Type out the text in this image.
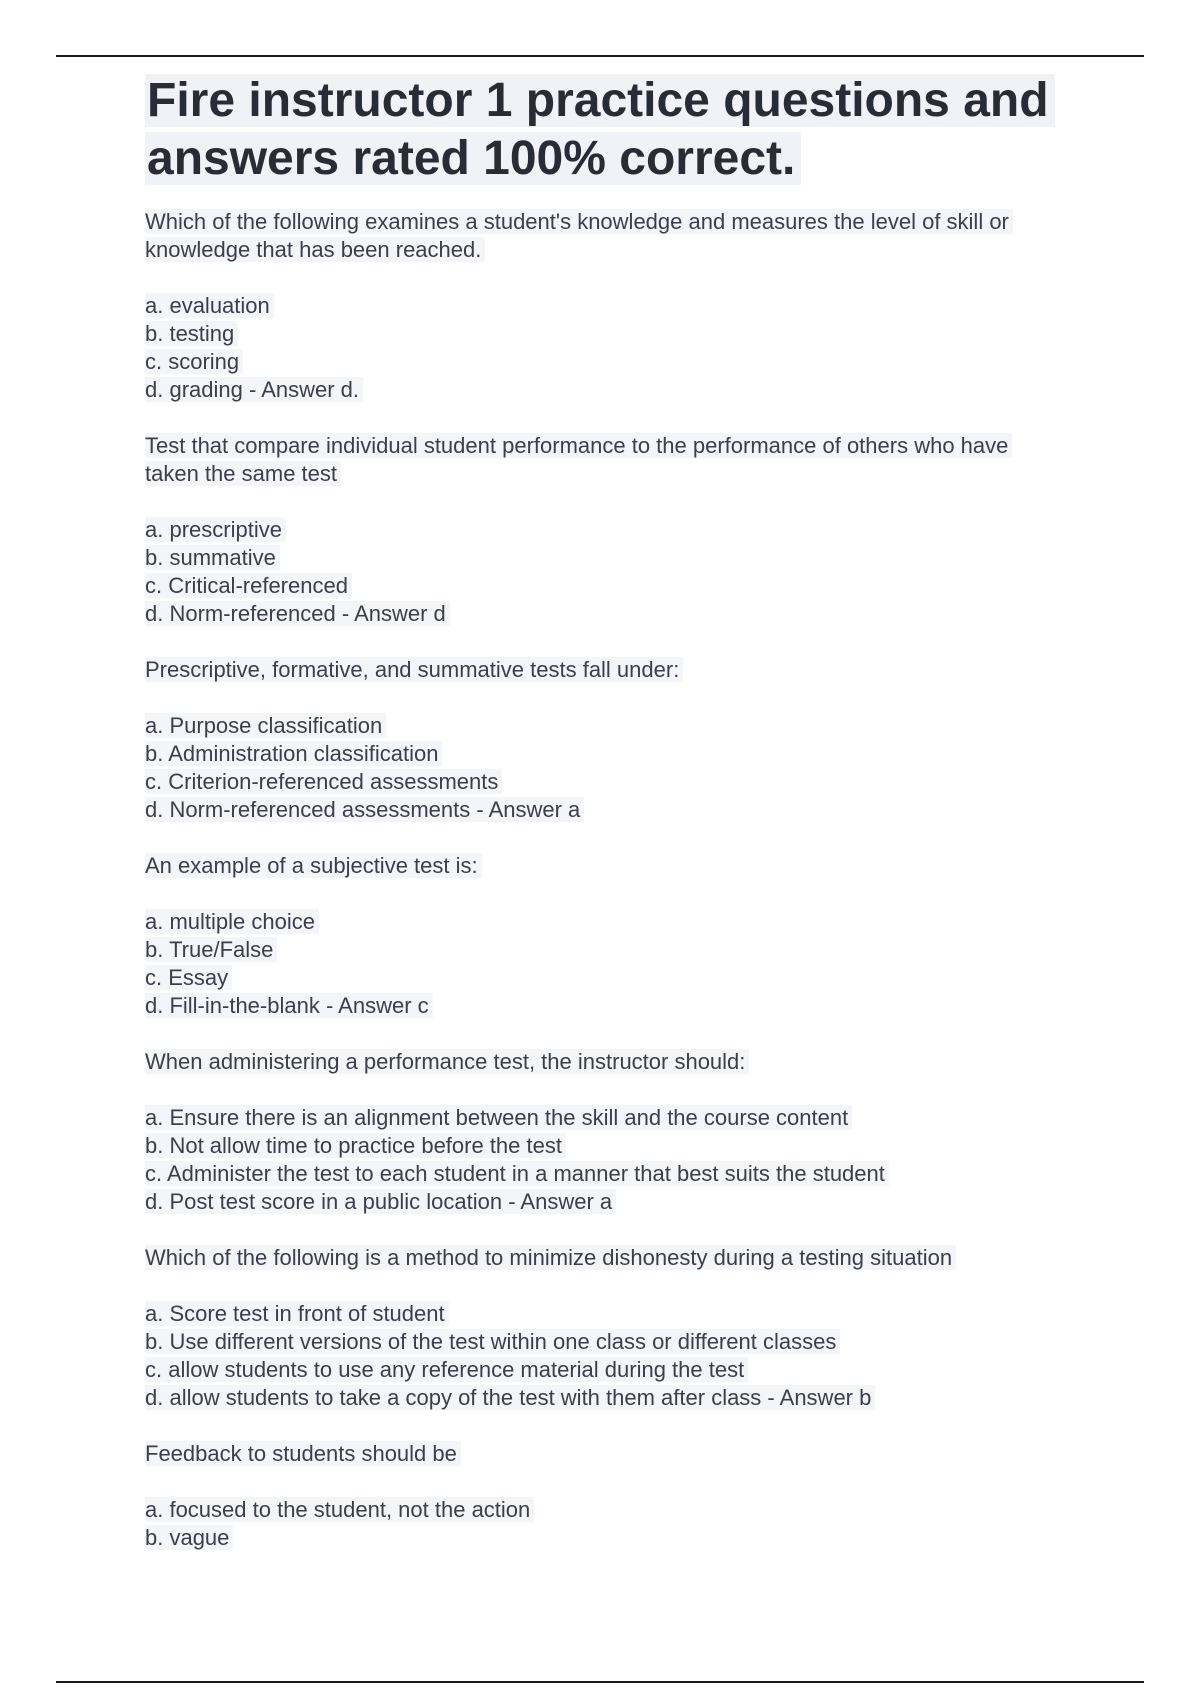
Fire instructor 1 practice questions and answers rated 100% correct.
Which of the following examines a student's knowledge and measures the level of skill or knowledge that has been reached.
a. evaluation
b. testing
c. scoring
d. grading - Answer d.
Test that compare individual student performance to the performance of others who have taken the same test
a. prescriptive
b. summative
c. Critical-referenced
d. Norm-referenced - Answer d
Prescriptive, formative, and summative tests fall under:
a. Purpose classification
b. Administration classification
c. Criterion-referenced assessments
d. Norm-referenced assessments - Answer a
An example of a subjective test is:
a. multiple choice
b. True/False
c. Essay
d. Fill-in-the-blank - Answer c
When administering a performance test, the instructor should:
a. Ensure there is an alignment between the skill and the course content
b. Not allow time to practice before the test
c. Administer the test to each student in a manner that best suits the student
d. Post test score in a public location - Answer a
Which of the following is a method to minimize dishonesty during a testing situation
a. Score test in front of student
b. Use different versions of the test within one class or different classes
c. allow students to use any reference material during the test
d. allow students to take a copy of the test with them after class - Answer b
Feedback to students should be
a. focused to the student, not the action
b. vague
